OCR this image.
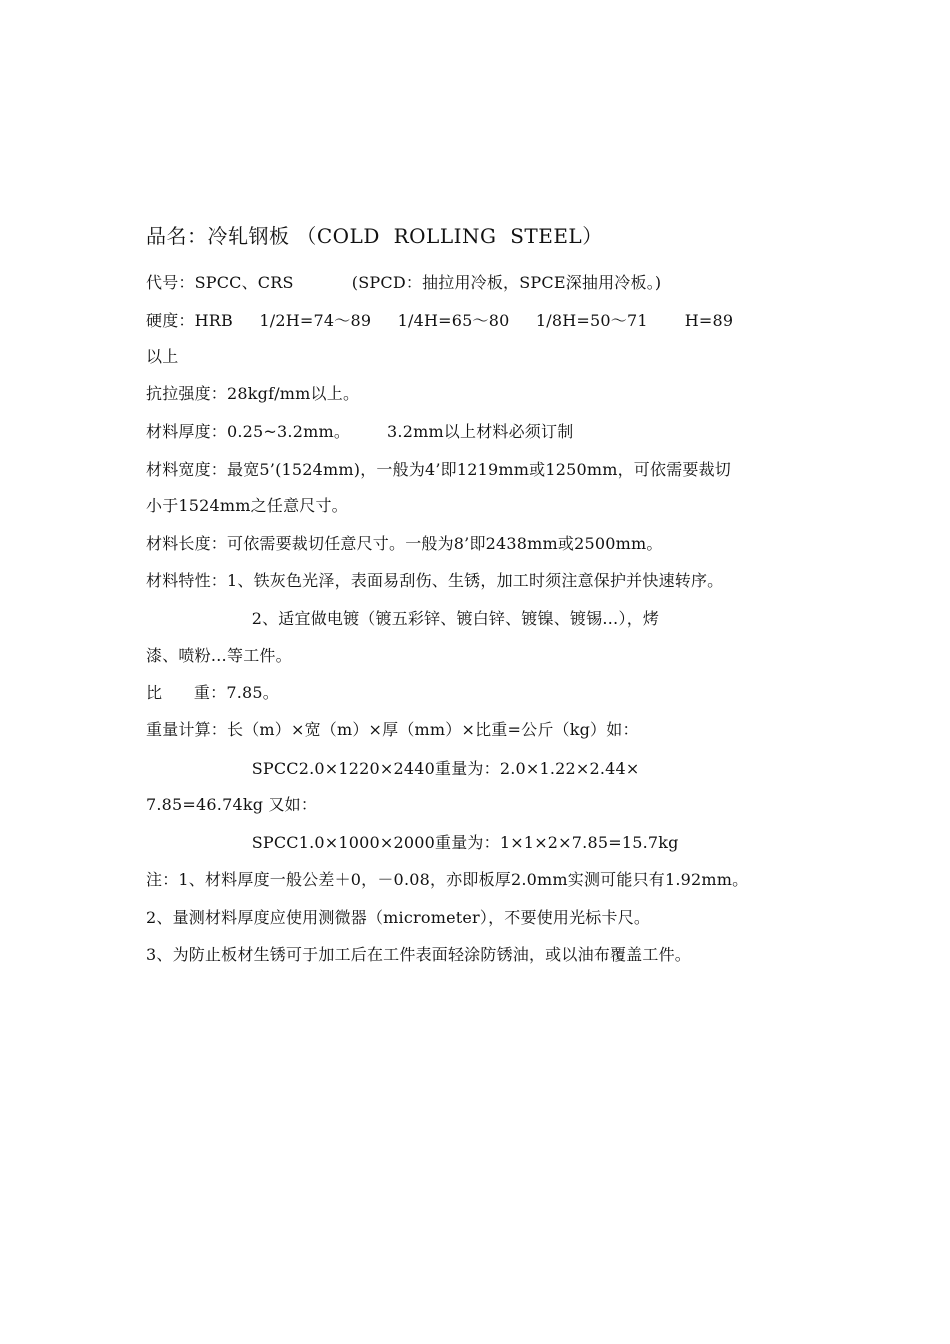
品名：冷轧钢板 （COLD  ROLLING  STEEL）
代号：SPCC、CRS           (SPCD：抽拉用冷板，SPCE深抽用冷板。)
硬度：HRB     1/2H=74～89     1/4H=65～80     1/8H=50～71       H=89
以上
抗拉强度：28kgf/mm以上。
材料厚度：0.25~3.2mm。       3.2mm以上材料必须订制
材料宽度：最宽5’(1524mm)，一般为4’即1219mm或1250mm，可依需要裁切
小于1524mm之任意尺寸。
材料长度：可依需要裁切任意尺寸。一般为8’即2438mm或2500mm。
材料特性：1、铁灰色光泽，表面易刮伤、生锈，加工时须注意保护并快速转序。
2、适宜做电镀（镀五彩锌、镀白锌、镀镍、镀锡…），烤
漆、喷粉…等工件。
比      重：7.85。
重量计算：长（m）×宽（m）×厚（mm）×比重=公斤（kg）如：
SPCC2.0×1220×2440重量为：2.0×1.22×2.44×
7.85=46.74kg 又如：
SPCC1.0×1000×2000重量为：1×1×2×7.85=15.7kg
注：1、材料厚度一般公差＋0，－0.08，亦即板厚2.0mm实测可能只有1.92mm。
2、量测材料厚度应使用测微器（micrometer），不要使用光标卡尺。
3、为防止板材生锈可于加工后在工件表面轻涂防锈油，或以油布覆盖工件。
